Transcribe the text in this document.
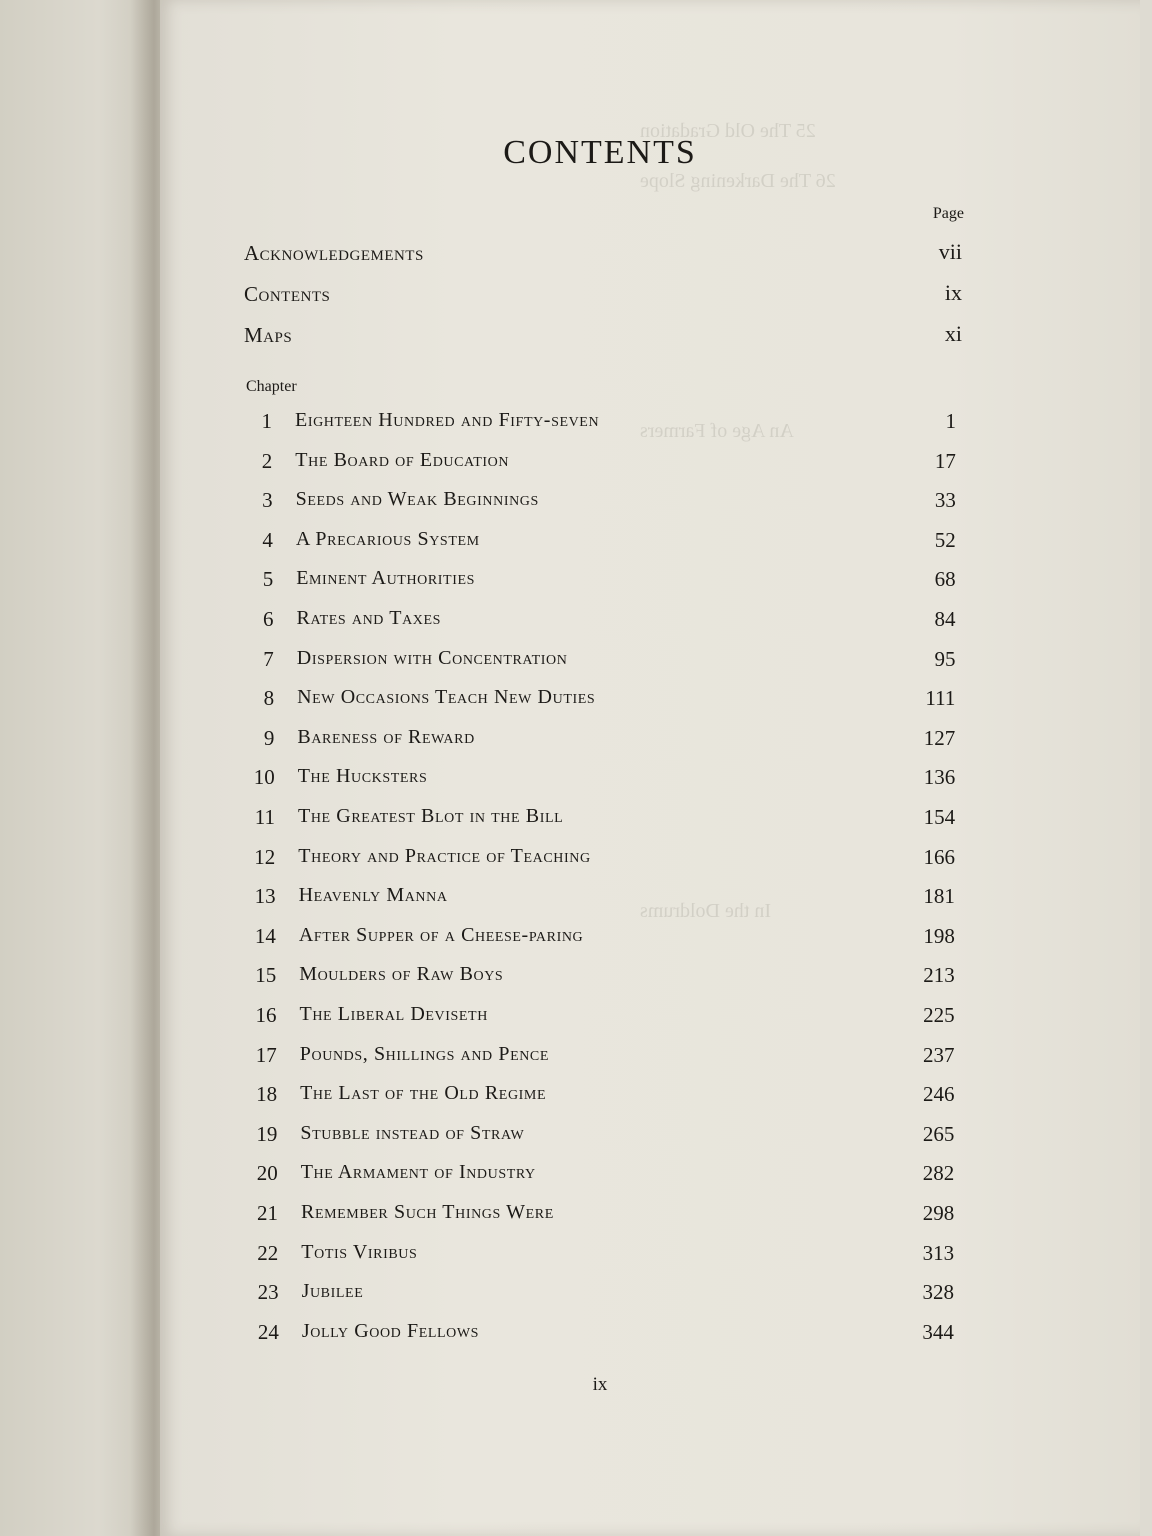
25 The Old Gradation
26 The Darkening Slope
An Age of Farmers
In the Doldrums
CONTENTS
Page
Acknowledgements	vii
Contents	ix
Maps	xi
Chapter
1 Eighteen Hundred and Fifty-seven	1
2 The Board of Education	17
3 Seeds and Weak Beginnings	33
4 A Precarious System	52
5 Eminent Authorities	68
6 Rates and Taxes	84
7 Dispersion with Concentration	95
8 New Occasions Teach New Duties	111
9 Bareness of Reward	127
10 The Hucksters	136
11 The Greatest Blot in the Bill	154
12 Theory and Practice of Teaching	166
13 Heavenly Manna	181
14 After Supper of a Cheese-paring	198
15 Moulders of Raw Boys	213
16 The Liberal Deviseth	225
17 Pounds, Shillings and Pence	237
18 The Last of the Old Regime	246
19 Stubble instead of Straw	265
20 The Armament of Industry	282
21 Remember Such Things Were	298
22 Totis Viribus	313
23 Jubilee	328
24 Jolly Good Fellows	344
ix
